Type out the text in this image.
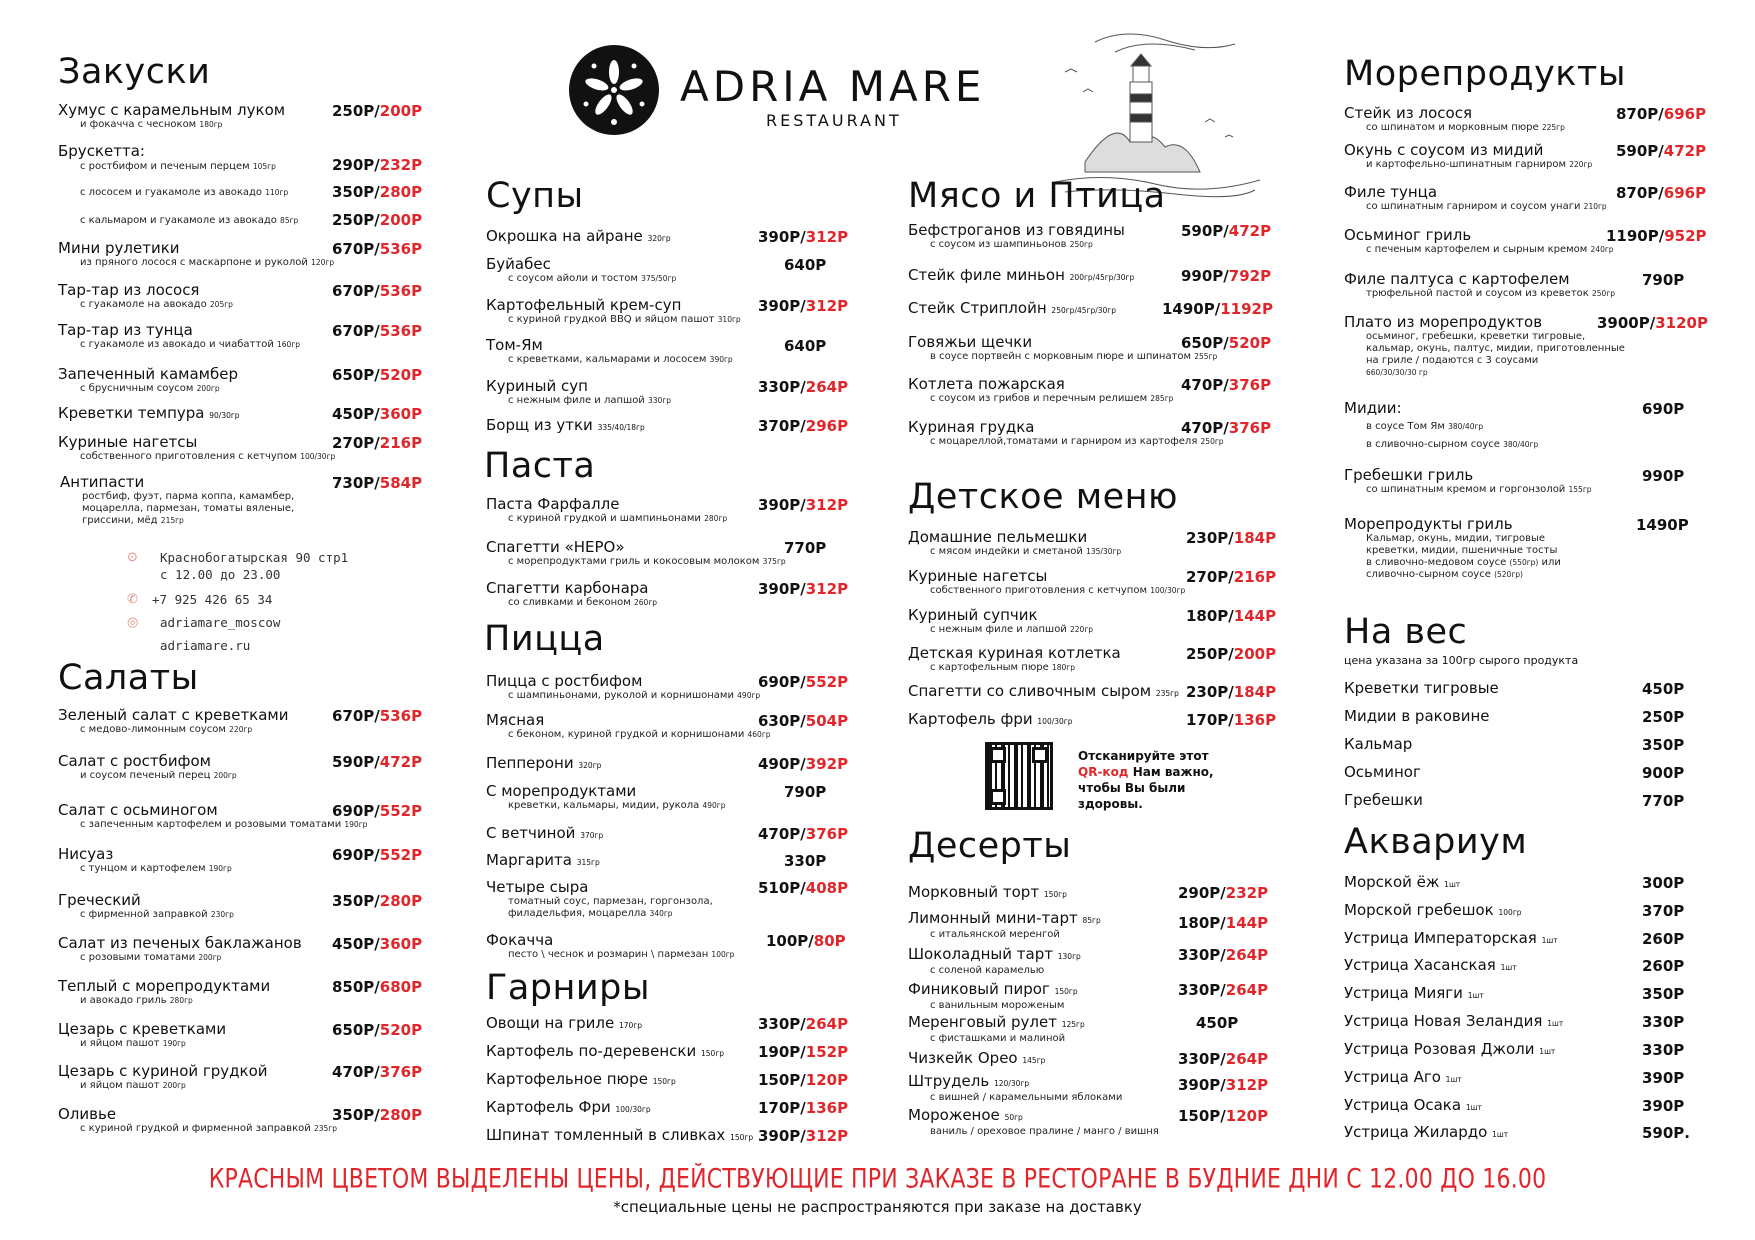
ADRIA MARE
RESTAURANT
Закуски
Хумус с карамельным луком
и фокачча с чесноком 180гр
250Р/200Р
Брускетта:
с ростбифом и печеным перцем 105гр	290Р/232Р
с лососем и гуакамоле из авокадо 110гр	350Р/280Р
с кальмаром и гуакамоле из авокадо 85гр 250Р/200Р
Мини рулетики
из пряного лосося с маскарпоне и руколой 120гр
670Р/536Р
Тар-тар из лосося
с гуакамоле на авокадо 205гр
670Р/536Р
Тар-тар из тунца
с гуакамоле из авокадо и чиабаттой 160гр
670Р/536Р
Запеченный камамбер
с брусничным соусом 200гр
650Р/520Р
Креветки темпура 90/30гр	450Р/360Р
Куриные нагетсы
собственного приготовления с кетчупом 100/30гр
270Р/216Р
Антипасти
ростбиф, фуэт, парма коппа, камамбер,
моцарелла, пармезан, томаты вяленые,
гриссини, мёд 215гр
730Р/584Р
⊙ Краснобогатырская 90 стр1
с 12.00 до 23.00
✆ +7 925 426 65 34
◎ adriamare_moscow
adriamare.ru
Салаты
Зеленый салат с креветками
с медово-лимонным соусом 220гр
670Р/536Р
Салат с ростбифом
и соусом печеный перец 200гр
590Р/472Р
Салат с осьминогом
с запеченным картофелем и розовыми томатами 190гр
690Р/552Р
Нисуаз
с тунцом и картофелем 190гр
690Р/552Р
Греческий
с фирменной заправкой 230гр
350Р/280Р
Салат из печеных баклажанов
с розовыми томатами 200гр
450Р/360Р
Теплый с морепродуктами
и авокадо гриль 280гр
850Р/680Р
Цезарь с креветками
и яйцом пашот 190гр
650Р/520Р
Цезарь с куриной грудкой
и яйцом пашот 200гр
470Р/376Р
Оливье
с куриной грудкой и фирменной заправкой 235гр
350Р/280Р
Супы
Окрошка на айране 320гр	390Р/312Р
Буйабес
с соусом айоли и тостом 375/50гр
640Р
Картофельный крем-суп
с куриной грудкой BBQ и яйцом пашот 310гр
390Р/312Р
Том-Ям
с креветками, кальмарами и лососем 390гр
640Р
Куриный суп
с нежным филе и лапшой 330гр
330Р/264Р
Борщ из утки 335/40/18гр	370Р/296Р
Паста
Паста Фарфалле
с куриной грудкой и шампиньонами 280гр
390Р/312Р
Спагетти «НЕРО»
с морепродуктами гриль и кокосовым молоком 375гр
770Р
Спагетти карбонара
со сливками и беконом 260гр
390Р/312Р
Пицца
Пицца с ростбифом
с шампиньонами, руколой и корнишонами 490гр
690Р/552Р
Мясная
с беконом, куриной грудкой и корнишонами 460гр
630Р/504Р
Пепперони 320гр	490Р/392Р
С морепродуктами
креветки, кальмары, мидии, рукола 490гр
790Р
С ветчиной 370гр	470Р/376Р
Маргарита 315гр	330Р
Четыре сыра
томатный соус, пармезан, горгонзола,
филадельфия, моцарелла 340гр
510Р/408Р
Фокачча
песто \ чеснок и розмарин \ пармезан 100гр
100Р/80Р
Гарниры
Овощи на гриле 170гр	330Р/264Р
Картофель по-деревенски 150гр 190Р/152Р
Картофельное пюре 150гр	150Р/120Р
Картофель Фри 100/30гр	170Р/136Р
Шпинат томленный в сливках 150гр 390Р/312Р
Мясо и Птица
Бефстроганов из говядины
с соусом из шампиньонов 250гр
590Р/472Р
Стейк филе миньон 200гр/45гр/30гр	990Р/792Р
Стейк Стриплойн 250гр/45гр/30гр	1490Р/1192Р
Говяжьи щечки
в соусе портвейн с морковным пюре и шпинатом 255гр
650Р/520Р
Котлета пожарская
с соусом из грибов и перечным релишем 285гр
470Р/376Р
Куриная грудка
с моцареллой,томатами и гарниром из картофеля 250гр
470Р/376Р
Детское меню
Домашние пельмешки
с мясом индейки и сметаной 135/30гр
230Р/184Р
Куриные нагетсы
собственного приготовления с кетчупом 100/30гр
270Р/216Р
Куриный супчик
с нежным филе и лапшой 220гр
180Р/144Р
Детская куриная котлетка
с картофельным пюре 180гр
250Р/200Р
Спагетти со сливочным сыром 235гр 230Р/184Р
Картофель фри 100/30гр	170Р/136Р
Отсканируйте этот
QR-код Нам важно,
чтобы Вы были
здоровы.
Десерты
Морковный торт 150гр	290Р/232Р
Лимонный мини-тарт 85гр
с итальянской меренгой
180Р/144Р
Шоколадный тарт 130гр
с соленой карамелью
330Р/264Р
Финиковый пирог 150гр
с ванильным мороженым
330Р/264Р
Меренговый рулет 125гр
с фисташками и малиной
450Р
Чизкейк Орео 145гр	330Р/264Р
Штрудель 120/30гр
с вишней / карамельными яблоками
390Р/312Р
Мороженое 50гр
ваниль / ореховое пралине / манго / вишня
150Р/120Р
Морепродукты
Стейк из лосося
со шпинатом и морковным пюре 225гр
870Р/696Р
Окунь с соусом из мидий
и картофельно-шпинатным гарниром 220гр
590Р/472Р
Филе тунца
со шпинатным гарниром и соусом унаги 210гр
870Р/696Р
Осьминог гриль
с печеным картофелем и сырным кремом 240гр
1190Р/952Р
Филе палтуса с картофелем
трюфельной пастой и соусом из креветок 250гр
790Р
Плато из морепродуктов
осьминог, гребешки, креветки тигровые,
кальмар, окунь, палтус, мидии, приготовленные
на гриле / подаются с 3 соусами
660/30/30/30 гр
3900Р/3120Р
Мидии:
в соусе Том Ям 380/40гр
в сливочно-сырном соусе 380/40гр
690Р
Гребешки гриль
со шпинатным кремом и горгонзолой 155гр
990Р
Морепродукты гриль
Кальмар, окунь, мидии, тигровые
креветки, мидии, пшеничные тосты
в сливочно-медовом соусе (550гр) или
сливочно-сырном соусе (520гр)
1490Р
На вес
цена указана за 100гр сырого продукта
Креветки тигровые	450Р
Мидии в раковине	250Р
Кальмар	350Р
Осьминог	900Р
Гребешки	770Р
Аквариум
Морской ёж 1шт	300Р
Морской гребешок 100гр	370Р
Устрица Императорская 1шт	260Р
Устрица Хасанская 1шт	260Р
Устрица Мияги 1шт	350Р
Устрица Новая Зеландия 1шт	330Р
Устрица Розовая Джоли 1шт	330Р
Устрица Аго 1шт	390Р
Устрица Осака 1шт	390Р
Устрица Жилардо 1шт	590Р.
КРАСНЫМ ЦВЕТОМ ВЫДЕЛЕНЫ ЦЕНЫ, ДЕЙСТВУЮЩИЕ ПРИ ЗАКАЗЕ В РЕСТОРАНЕ В БУДНИЕ ДНИ С 12.00 ДО 16.00
*специальные цены не распространяются при заказе на доставку
